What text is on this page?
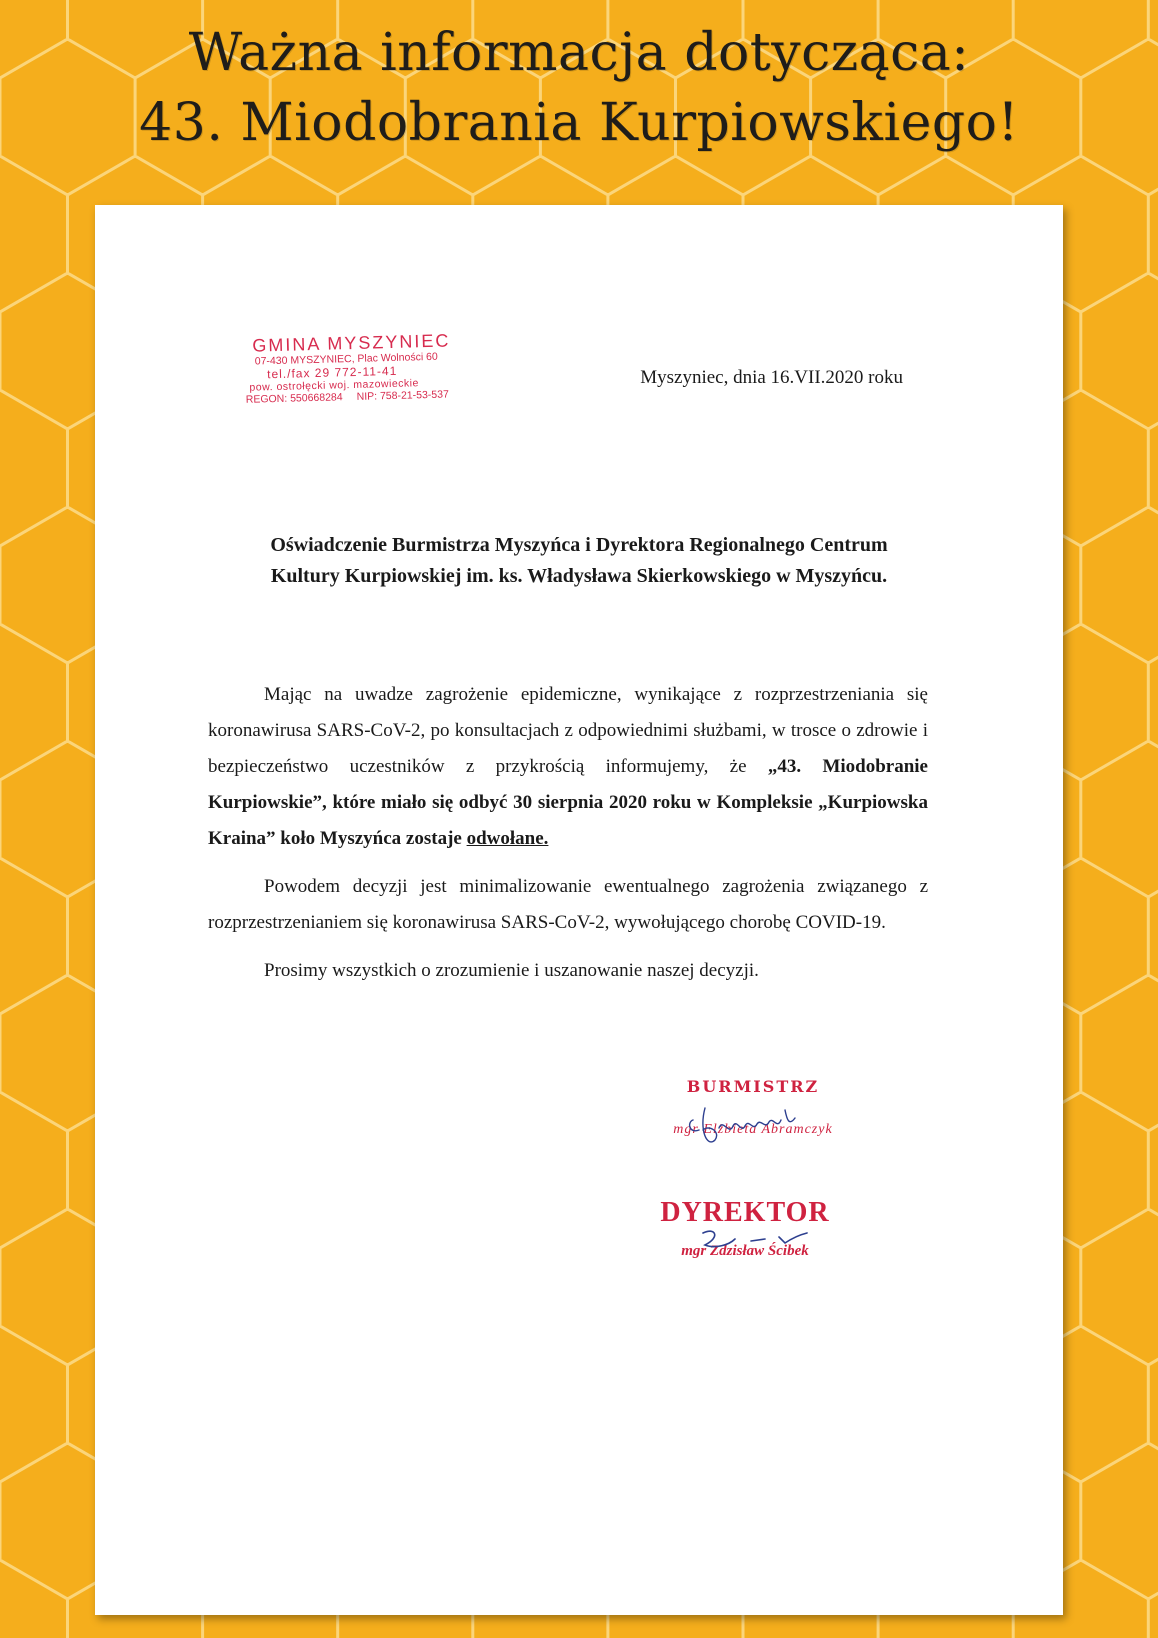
Ważna informacja dotycząca:
43. Miodobrania Kurpiowskiego!
GMINA MYSZYNIEC
07-430 MYSZYNIEC, Plac Wolności 60
tel./fax 29 772-11-41
pow. ostrołęcki woj. mazowieckie
REGON: 550668284 NIP: 758-21-53-537
Myszyniec, dnia 16.VII.2020 roku
Oświadczenie Burmistrza Myszyńca i Dyrektora Regionalnego Centrum
Kultury Kurpiowskiej im. ks. Władysława Skierkowskiego w Myszyńcu.

Mając na uwadze zagrożenie epidemiczne, wynikające z rozprzestrzeniania się koronawirusa SARS-CoV-2, po konsultacjach z odpowiednimi służbami, w trosce o zdrowie i bezpieczeństwo uczestników z przykrością informujemy, że „43. Miodobranie Kurpiowskie”, które miało się odbyć 30 sierpnia 2020 roku w Kompleksie „Kurpiowska Kraina” koło Myszyńca zostaje odwołane.

Powodem decyzji jest minimalizowanie ewentualnego zagrożenia związanego z rozprzestrzenianiem się koronawirusa SARS-CoV-2, wywołującego chorobę COVID-19.

Prosimy wszystkich o zrozumienie i uszanowanie naszej decyzji.

BURMISTRZ
mgr Elżbieta Abramczyk
DYREKTOR
mgr Zdzisław Ścibek
